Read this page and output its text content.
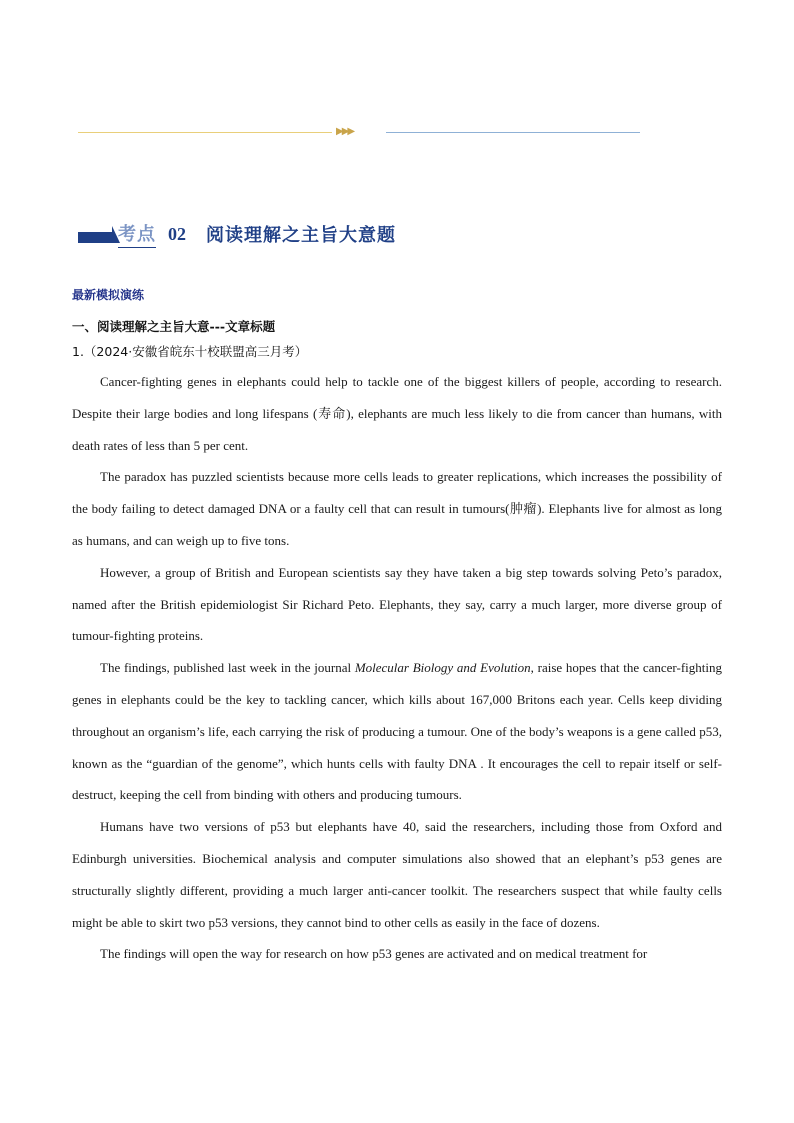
▶▶▶
考点 02 阅读理解之主旨大意题
最新模拟演练
一、阅读理解之主旨大意---文章标题
1.（2024·安徽省皖东十校联盟高三月考）

Cancer-fighting genes in elephants could help to tackle one of the biggest killers of people, according to research. Despite their large bodies and long lifespans (寿命), elephants are much less likely to die from cancer than humans, with death rates of less than 5 per cent.

The paradox has puzzled scientists because more cells leads to greater replications, which increases the possibility of the body failing to detect damaged DNA or a faulty cell that can result in tumours(肿瘤). Elephants live for almost as long as humans, and can weigh up to five tons.

However, a group of British and European scientists say they have taken a big step towards solving Peto’s paradox, named after the British epidemiologist Sir Richard Peto. Elephants, they say, carry a much larger, more diverse group of tumour-fighting proteins.

The findings, published last week in the journal Molecular Biology and Evolution, raise hopes that the cancer-fighting genes in elephants could be the key to tackling cancer, which kills about 167,000 Britons each year. Cells keep dividing throughout an organism’s life, each carrying the risk of producing a tumour. One of the body’s weapons is a gene called p53, known as the “guardian of the genome”, which hunts cells with faulty DNA . It encourages the cell to repair itself or self-destruct, keeping the cell from binding with others and producing tumours.

Humans have two versions of p53 but elephants have 40, said the researchers, including those from Oxford and Edinburgh universities. Biochemical analysis and computer simulations also showed that an elephant’s p53 genes are structurally slightly different, providing a much larger anti-cancer toolkit. The researchers suspect that while faulty cells might be able to skirt two p53 versions, they cannot bind to other cells as easily in the face of dozens.

The findings will open the way for research on how p53 genes are activated and on medical treatment for
